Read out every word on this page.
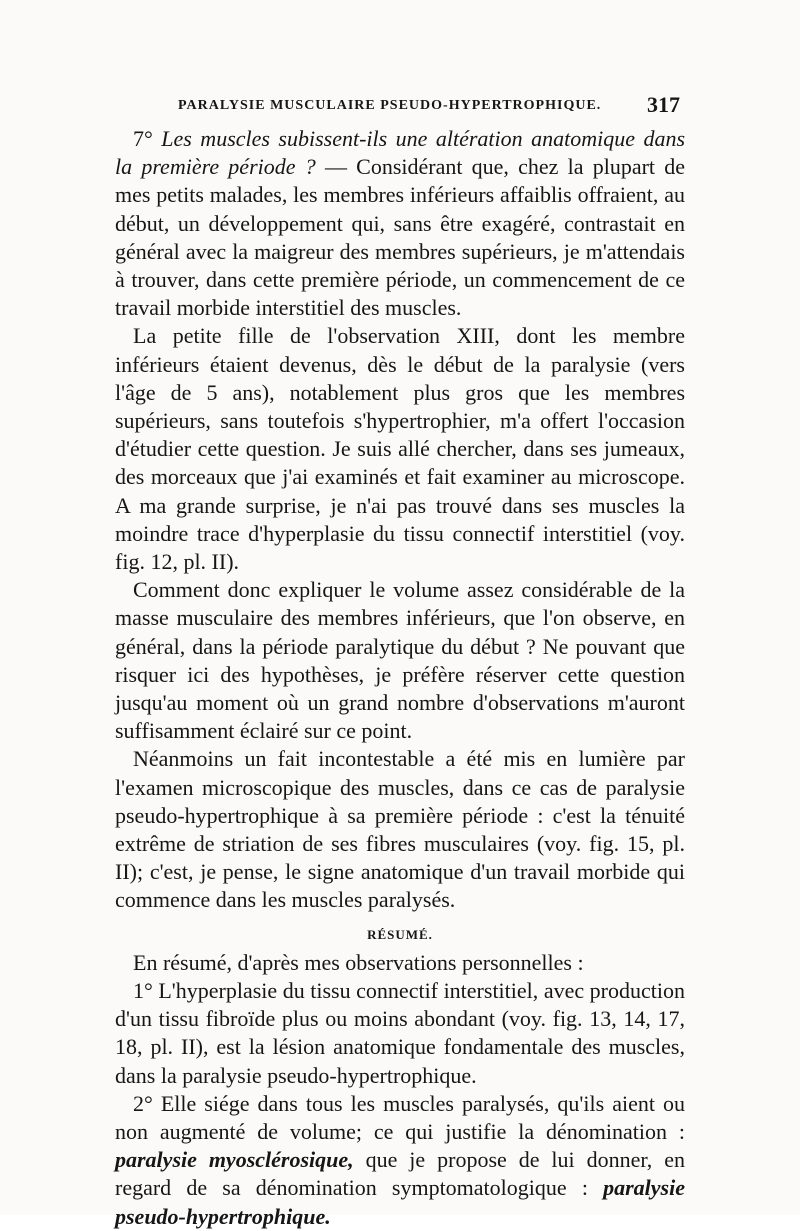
PARALYSIE MUSCULAIRE PSEUDO-HYPERTROPHIQUE. 317

7° Les muscles subissent-ils une altération anatomique dans la première période ? — Considérant que, chez la plupart de mes petits malades, les membres inférieurs affaiblis offraient, au début, un développement qui, sans être exagéré, contrastait en général avec la maigreur des membres supérieurs, je m'attendais à trouver, dans cette première période, un commencement de ce travail morbide interstitiel des muscles.

La petite fille de l'observation XIII, dont les membre inférieurs étaient devenus, dès le début de la paralysie (vers l'âge de 5 ans), notablement plus gros que les membres supérieurs, sans toutefois s'hypertrophier, m'a offert l'occasion d'étudier cette question. Je suis allé chercher, dans ses jumeaux, des morceaux que j'ai examinés et fait examiner au microscope. A ma grande surprise, je n'ai pas trouvé dans ses muscles la moindre trace d'hyperplasie du tissu connectif interstitiel (voy. fig. 12, pl. II).

Comment donc expliquer le volume assez considérable de la masse musculaire des membres inférieurs, que l'on observe, en général, dans la période paralytique du début ? Ne pouvant que risquer ici des hypothèses, je préfère réserver cette question jusqu'au moment où un grand nombre d'observations m'auront suffisamment éclairé sur ce point.

Néanmoins un fait incontestable a été mis en lumière par l'examen microscopique des muscles, dans ce cas de paralysie pseudo-hypertrophique à sa première période : c'est la ténuité extrême de striation de ses fibres musculaires (voy. fig. 15, pl. II); c'est, je pense, le signe anatomique d'un travail morbide qui commence dans les muscles paralysés.

RÉSUMÉ.

En résumé, d'après mes observations personnelles :

1° L'hyperplasie du tissu connectif interstitiel, avec production d'un tissu fibroïde plus ou moins abondant (voy. fig. 13, 14, 17, 18, pl. II), est la lésion anatomique fondamentale des muscles, dans la paralysie pseudo-hypertrophique.

2° Elle siége dans tous les muscles paralysés, qu'ils aient ou non augmenté de volume; ce qui justifie la dénomination : paralysie myosclérosique, que je propose de lui donner, en regard de sa dénomination symptomatologique : paralysie pseudo-hypertrophique.
